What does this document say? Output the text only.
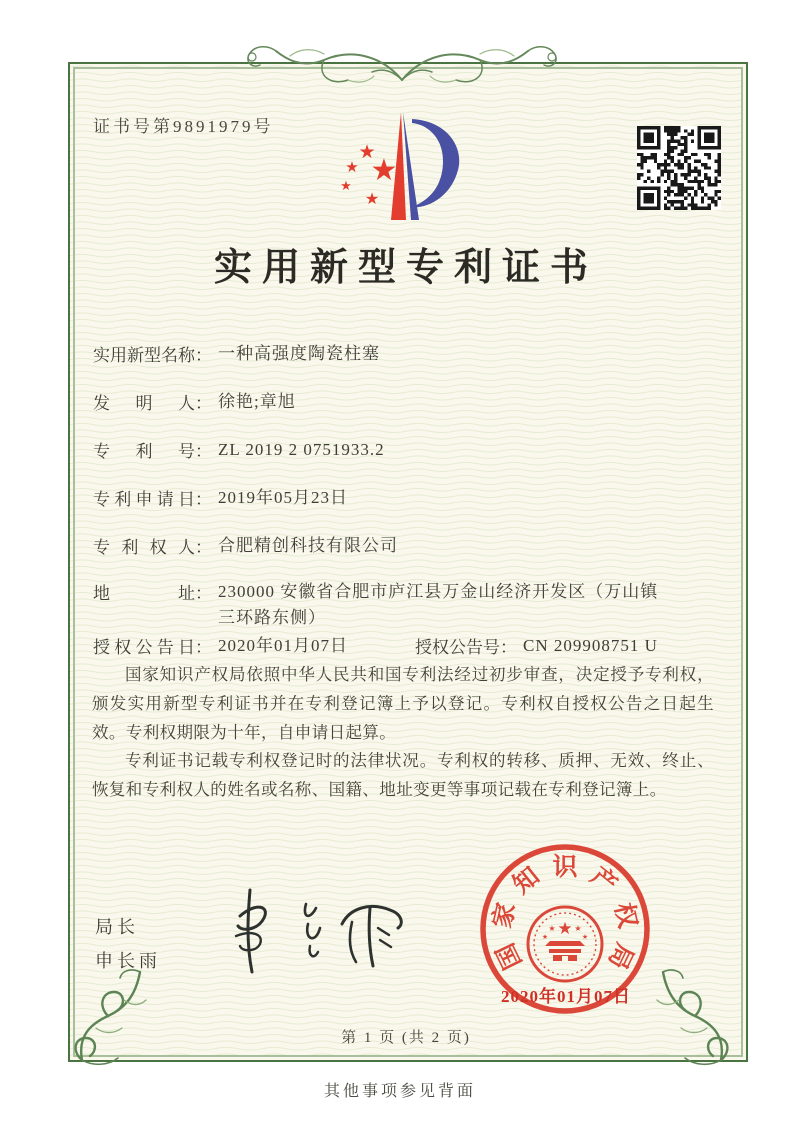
证书号第9891979号
★
★
★
★
★
实用新型专利证书
实用新型名称 ： 一种高强度陶瓷柱塞
发明人 ： 徐艳;章旭
专利号 ： ZL 2019 2 0751933.2
专利申请日 ： 2019年05月23日
专利权人 ： 合肥精创科技有限公司
地址 ： 230000 安徽省合肥市庐江县万金山经济开发区（万山镇三环路东侧）
授权公告日 ： 2020年01月07日	授权公告号 ： CN 209908751 U

国家知识产权局依照中华人民共和国专利法经过初步审查，决定授予专利权，颁发实用新型专利证书并在专利登记簿上予以登记。专利权自授权公告之日起生效。专利权期限为十年，自申请日起算。

专利证书记载专利权登记时的法律状况。专利权的转移、质押、无效、终止、恢复和专利权人的姓名或名称、国籍、地址变更等事项记载在专利登记簿上。

局长
申长雨	国
家
知 识 产
权
局
★
★ ★
★	★
2020年01月07日
第 1 页 (共 2 页)
其他事项参见背面
